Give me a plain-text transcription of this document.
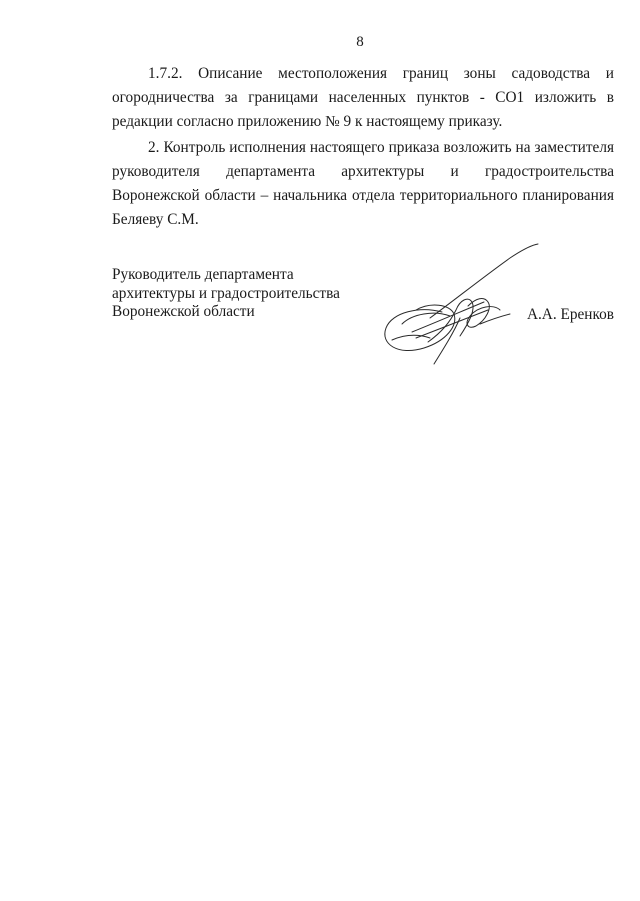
8

1.7.2. Описание местоположения границ зоны садоводства и огородничества за границами населенных пунктов - СО1 изложить в редакции согласно приложению № 9 к настоящему приказу.

2. Контроль исполнения настоящего приказа возложить на заместителя руководителя департамента архитектуры и градостроительства Воронежской области – начальника отдела территориального планирования Беляеву С.М.

Руководитель департамента
архитектуры и градостроительства
Воронежской области	А.А. Еренков
